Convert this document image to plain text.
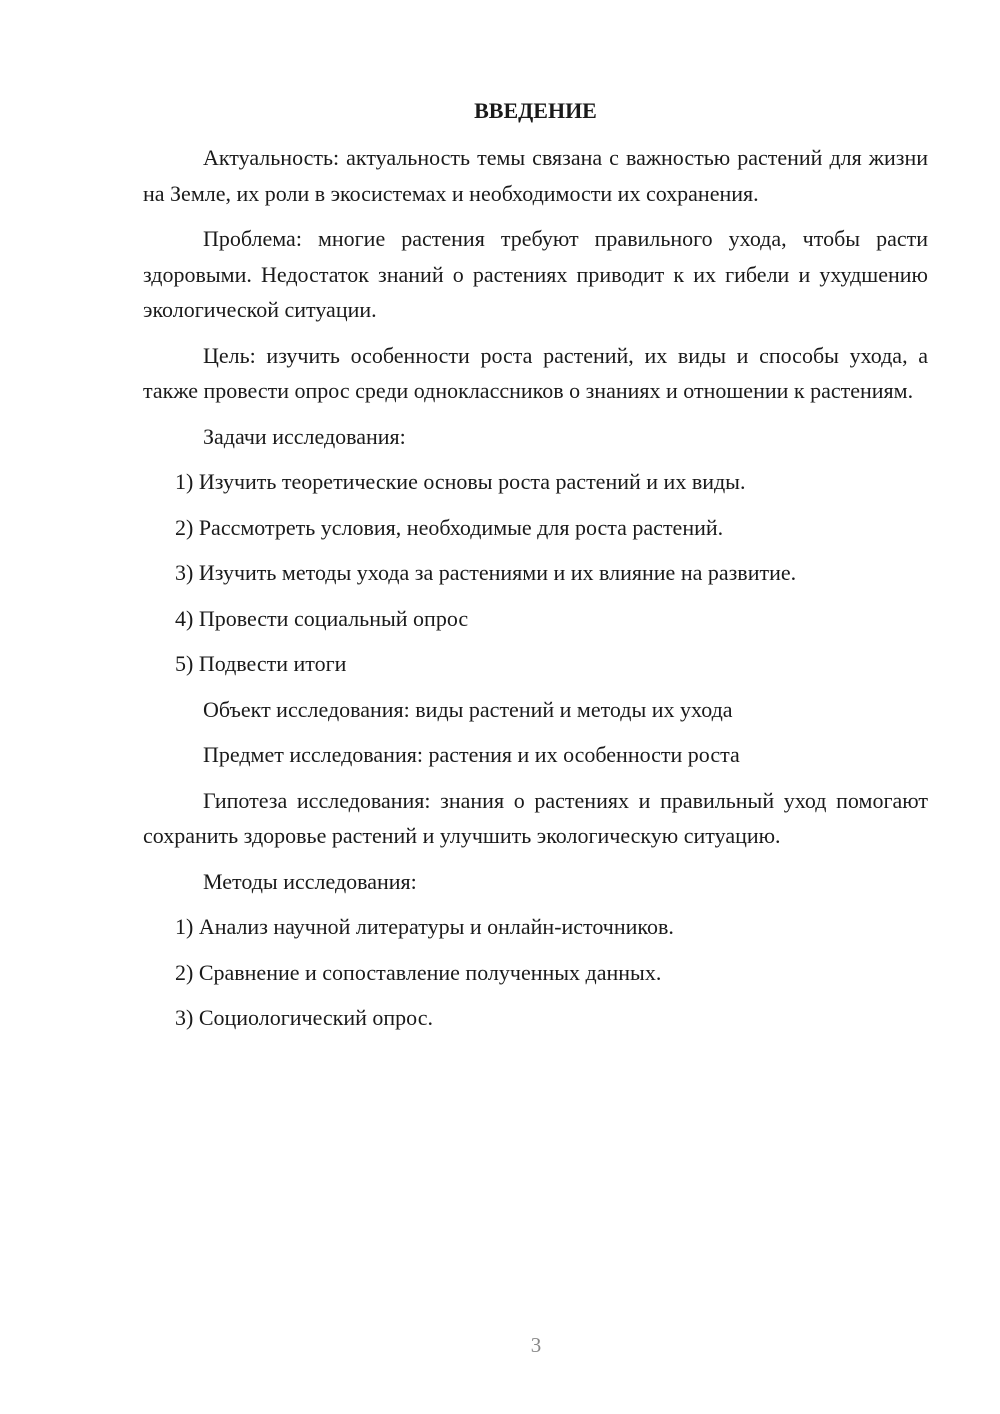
ВВЕДЕНИЕ

Актуальность: актуальность темы связана с важностью растений для жизни на Земле, их роли в экосистемах и необходимости их сохранения.

Проблема: многие растения требуют правильного ухода, чтобы расти здоровыми. Недостаток знаний о растениях приводит к их гибели и ухудшению экологической ситуации.

Цель: изучить особенности роста растений, их виды и способы ухода, а также провести опрос среди одноклассников о знаниях и отношении к растениям.

Задачи исследования:
1) Изучить теоретические основы роста растений и их виды.
2) Рассмотреть условия, необходимые для роста растений.
3) Изучить методы ухода за растениями и их влияние на развитие.
4) Провести социальный опрос
5) Подвести итоги
Объект исследования: виды растений и методы их ухода
Предмет исследования: растения и их особенности роста

Гипотеза исследования: знания о растениях и правильный уход помогают сохранить здоровье растений и улучшить экологическую ситуацию.

Методы исследования:
1) Анализ научной литературы и онлайн-источников.
2) Сравнение и сопоставление полученных данных.
3) Социологический опрос.
3
